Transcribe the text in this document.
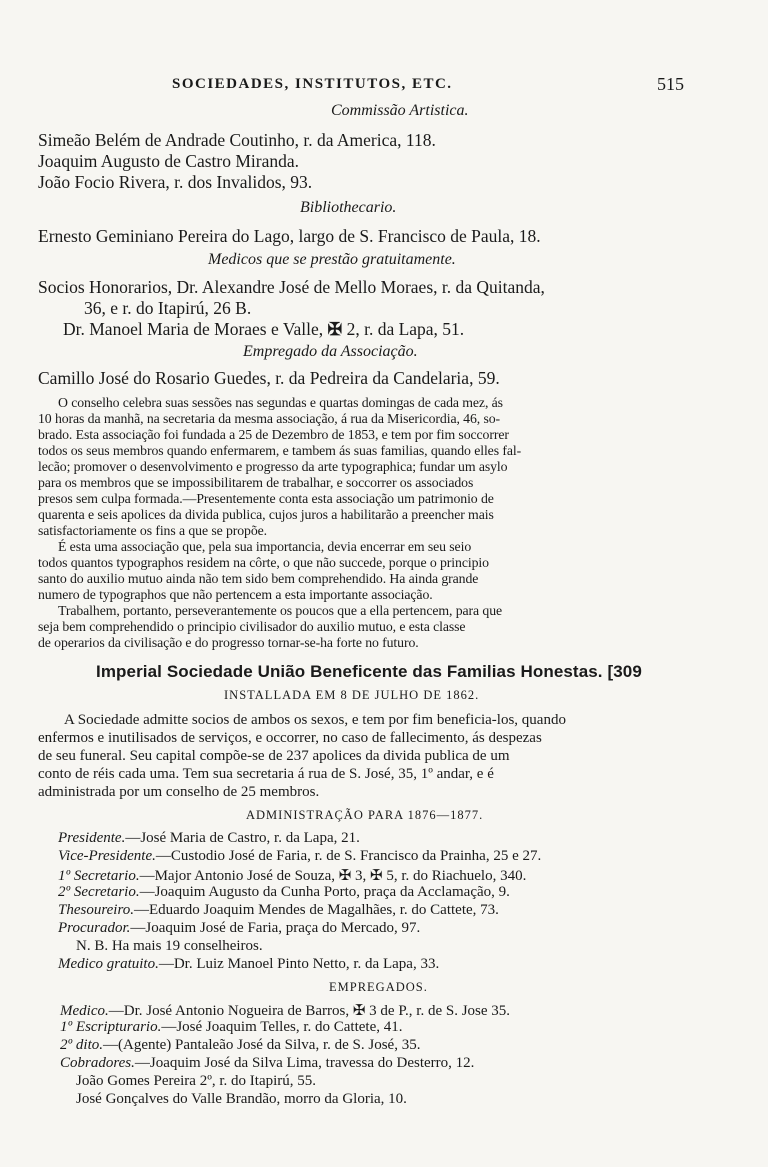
SOCIEDADES, INSTITUTOS, ETC.	515
Commissão Artistica.
Simeão Belém de Andrade Coutinho, r. da America, 118.
Joaquim Augusto de Castro Miranda.
João Focio Rivera, r. dos Invalidos, 93.
Bibliothecario.
Ernesto Geminiano Pereira do Lago, largo de S. Francisco de Paula, 18.
Medicos que se prestão gratuitamente.
Socios Honorarios, Dr. Alexandre José de Mello Moraes, r. da Quitanda,
36, e r. do Itapirú, 26 B.
Dr. Manoel Maria de Moraes e Valle, ✠ 2, r. da Lapa, 51.
Empregado da Associação.
Camillo José do Rosario Guedes, r. da Pedreira da Candelaria, 59.
O conselho celebra suas sessões nas segundas e quartas domingas de cada mez, ás
10 horas da manhã, na secretaria da mesma associação, á rua da Misericordia, 46, so-
brado. Esta associação foi fundada a 25 de Dezembro de 1853, e tem por fim soccorrer
todos os seus membros quando enfermarem, e tambem ás suas familias, quando elles fal-
lecão; promover o desenvolvimento e progresso da arte typographica; fundar um asylo
para os membros que se impossibilitarem de trabalhar, e soccorrer os associados
presos sem culpa formada.—Presentemente conta esta associação um patrimonio de
quarenta e seis apolices da divida publica, cujos juros a habilitarão a preencher mais
satisfactoriamente os fins a que se propõe.
É esta uma associação que, pela sua importancia, devia encerrar em seu seio
todos quantos typographos residem na côrte, o que não succede, porque o principio
santo do auxilio mutuo ainda não tem sido bem comprehendido. Ha ainda grande
numero de typographos que não pertencem a esta importante associação.
Trabalhem, portanto, perseverantemente os poucos que a ella pertencem, para que
seja bem comprehendido o principio civilisador do auxilio mutuo, e esta classe
de operarios da civilisação e do progresso tornar-se-ha forte no futuro.
Imperial Sociedade União Beneficente das Familias Honestas. [309
INSTALLADA EM 8 DE JULHO DE 1862.
A Sociedade admitte socios de ambos os sexos, e tem por fim beneficia-los, quando
enfermos e inutilisados de serviços, e occorrer, no caso de fallecimento, ás despezas
de seu funeral. Seu capital compõe-se de 237 apolices da divida publica de um
conto de réis cada uma. Tem sua secretaria á rua de S. José, 35, 1º andar, e é
administrada por um conselho de 25 membros.
ADMINISTRAÇÃO PARA 1876—1877.
Presidente.—José Maria de Castro, r. da Lapa, 21.
Vice-Presidente.—Custodio José de Faria, r. de S. Francisco da Prainha, 25 e 27.
1º Secretario.—Major Antonio José de Souza, ✠ 3, ✠ 5, r. do Riachuelo, 340.
2º Secretario.—Joaquim Augusto da Cunha Porto, praça da Acclamação, 9.
Thesoureiro.—Eduardo Joaquim Mendes de Magalhães, r. do Cattete, 73.
Procurador.—Joaquim José de Faria, praça do Mercado, 97.
N. B. Ha mais 19 conselheiros.
Medico gratuito.—Dr. Luiz Manoel Pinto Netto, r. da Lapa, 33.
EMPREGADOS.
Medico.—Dr. José Antonio Nogueira de Barros, ✠ 3 de P., r. de S. Jose 35.
1º Escripturario.—José Joaquim Telles, r. do Cattete, 41.
2º dito.—(Agente) Pantaleão José da Silva, r. de S. José, 35.
Cobradores.—Joaquim José da Silva Lima, travessa do Desterro, 12.
João Gomes Pereira 2º, r. do Itapirú, 55.
José Gonçalves do Valle Brandão, morro da Gloria, 10.
